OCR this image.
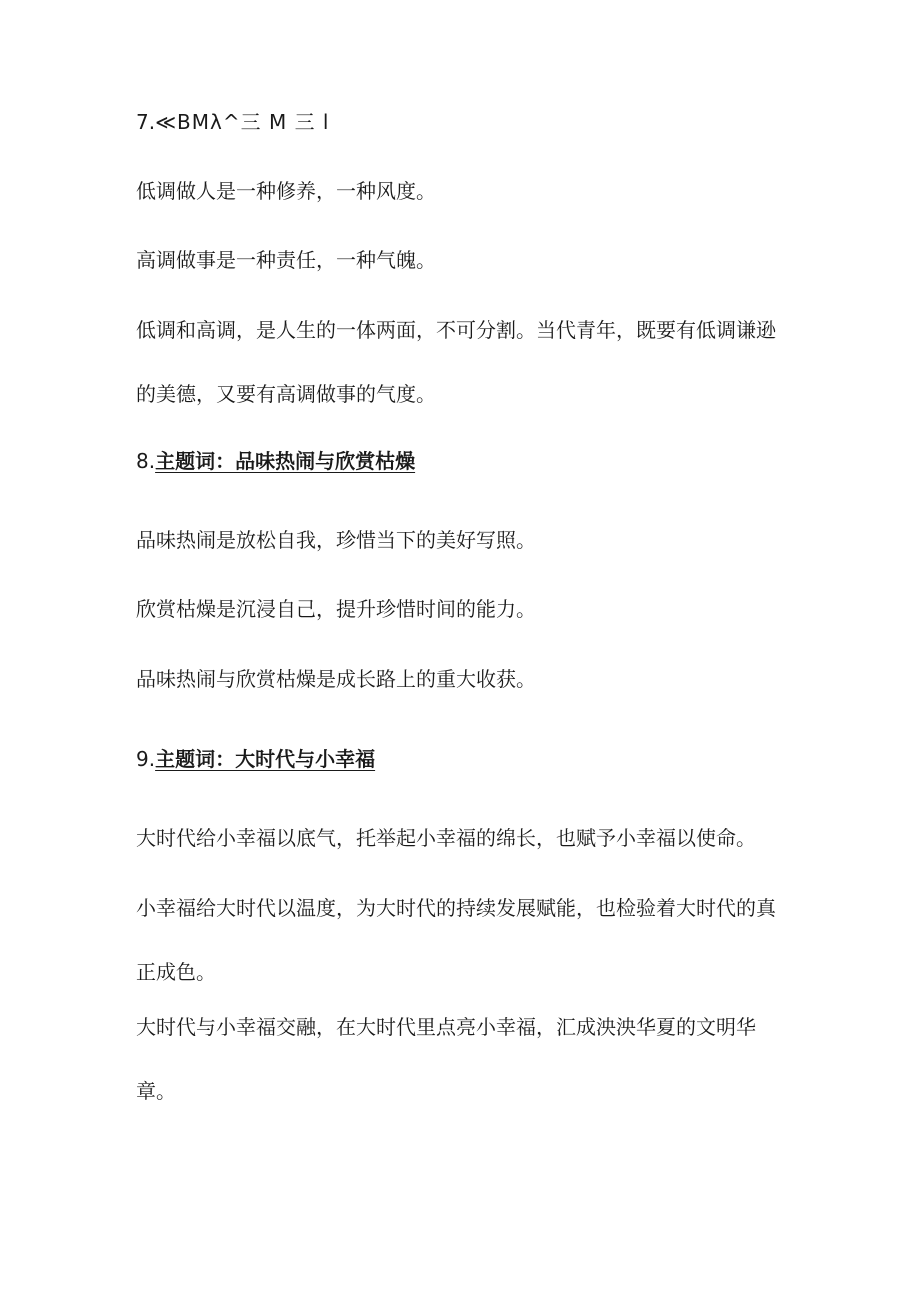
7.≪BMλ^三 M 三 l
低调做人是一种修养，一种风度。
高调做事是一种责任，一种气魄。
低调和高调，是人生的一体两面，不可分割。当代青年，既要有低调谦逊的美德，又要有高调做事的气度。
8.主题词：品味热闹与欣赏枯燥
品味热闹是放松自我，珍惜当下的美好写照。
欣赏枯燥是沉浸自己，提升珍惜时间的能力。
品味热闹与欣赏枯燥是成长路上的重大收获。
9.主题词：大时代与小幸福
大时代给小幸福以底气，托举起小幸福的绵长，也赋予小幸福以使命。
小幸福给大时代以温度，为大时代的持续发展赋能，也检验着大时代的真正成色。
大时代与小幸福交融，在大时代里点亮小幸福，汇成泱泱华夏的文明华章。
